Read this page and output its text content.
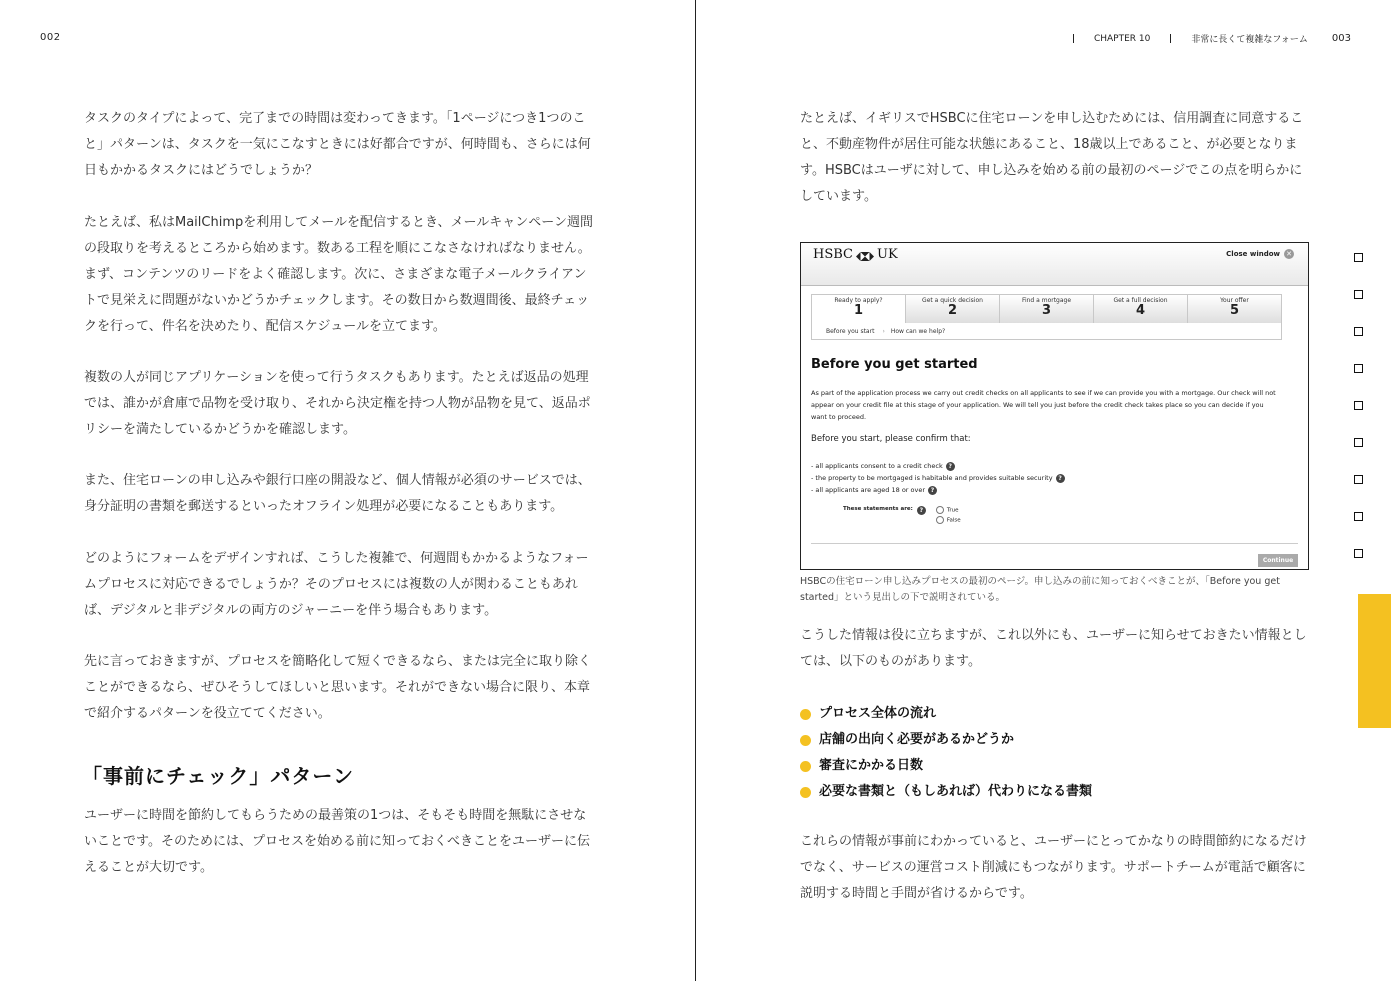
002

タスクのタイプによって、完了までの時間は変わってきます。「1ページにつき1つのこと」パターンは、タスクを一気にこなすときには好都合ですが、何時間も、さらには何日もかかるタスクにはどうでしょうか？

たとえば、私はMailChimpを利用してメールを配信するとき、メールキャンペーン週間の段取りを考えるところから始めます。数ある工程を順にこなさなければなりません。まず、コンテンツのリードをよく確認します。次に、さまざまな電子メールクライアントで見栄えに問題がないかどうかチェックします。その数日から数週間後、最終チェックを行って、件名を決めたり、配信スケジュールを立てます。

複数の人が同じアプリケーションを使って行うタスクもあります。たとえば返品の処理では、誰かが倉庫で品物を受け取り、それから決定権を持つ人物が品物を見て、返品ポリシーを満たしているかどうかを確認します。

また、住宅ローンの申し込みや銀行口座の開設など、個人情報が必須のサービスでは、身分証明の書類を郵送するといったオフライン処理が必要になることもあります。

どのようにフォームをデザインすれば、こうした複雑で、何週間もかかるようなフォームプロセスに対応できるでしょうか？そのプロセスには複数の人が関わることもあれば、デジタルと非デジタルの両方のジャーニーを伴う場合もあります。

先に言っておきますが、プロセスを簡略化して短くできるなら、または完全に取り除くことができるなら、ぜひそうしてほしいと思います。それができない場合に限り、本章で紹介するパターンを役立ててください。

「事前にチェック」パターン

ユーザーに時間を節約してもらうための最善策の1つは、そもそも時間を無駄にさせないことです。そのためには、プロセスを始める前に知っておくべきことをユーザーに伝えることが大切です。

CHAPTER 10	非常に長くて複雑なフォーム 003

たとえば、イギリスでHSBCに住宅ローンを申し込むためには、信用調査に同意すること、不動産物件が居住可能な状態にあること、18歳以上であること、が必要となります。HSBCはユーザに対して、申し込みを始める前の最初のページでこの点を明らかにしています。

HSBC UK	Close window ✕
Ready to apply?
1
Get a quick decision
2
Find a mortgage
3
Get a full decision
4
Your offer
5
Before you start › How can we help?
Before you get started

As part of the application process we carry out credit checks on all applicants to see if we can provide you with a mortgage. Our check will not appear on your credit file at this stage of your application. We will tell you just before the credit check takes place so you can decide if you want to proceed.

Before you start, please confirm that:

- all applicants consent to a credit check ?
- the property to be mortgaged is habitable and provides suitable security ?
- all applicants are aged 18 or over ?
These statements are:	?	True
False
Continue

HSBCの住宅ローン申し込みプロセスの最初のページ。申し込みの前に知っておくべきことが、「Before you get started」という見出しの下で説明されている。

こうした情報は役に立ちますが、これ以外にも、ユーザーに知らせておきたい情報としては、以下のものがあります。

プロセス全体の流れ
店舗の出向く必要があるかどうか
審査にかかる日数
必要な書類と（もしあれば）代わりになる書類

これらの情報が事前にわかっていると、ユーザーにとってかなりの時間節約になるだけでなく、サービスの運営コスト削減にもつながります。サポートチームが電話で顧客に説明する時間と手間が省けるからです。
